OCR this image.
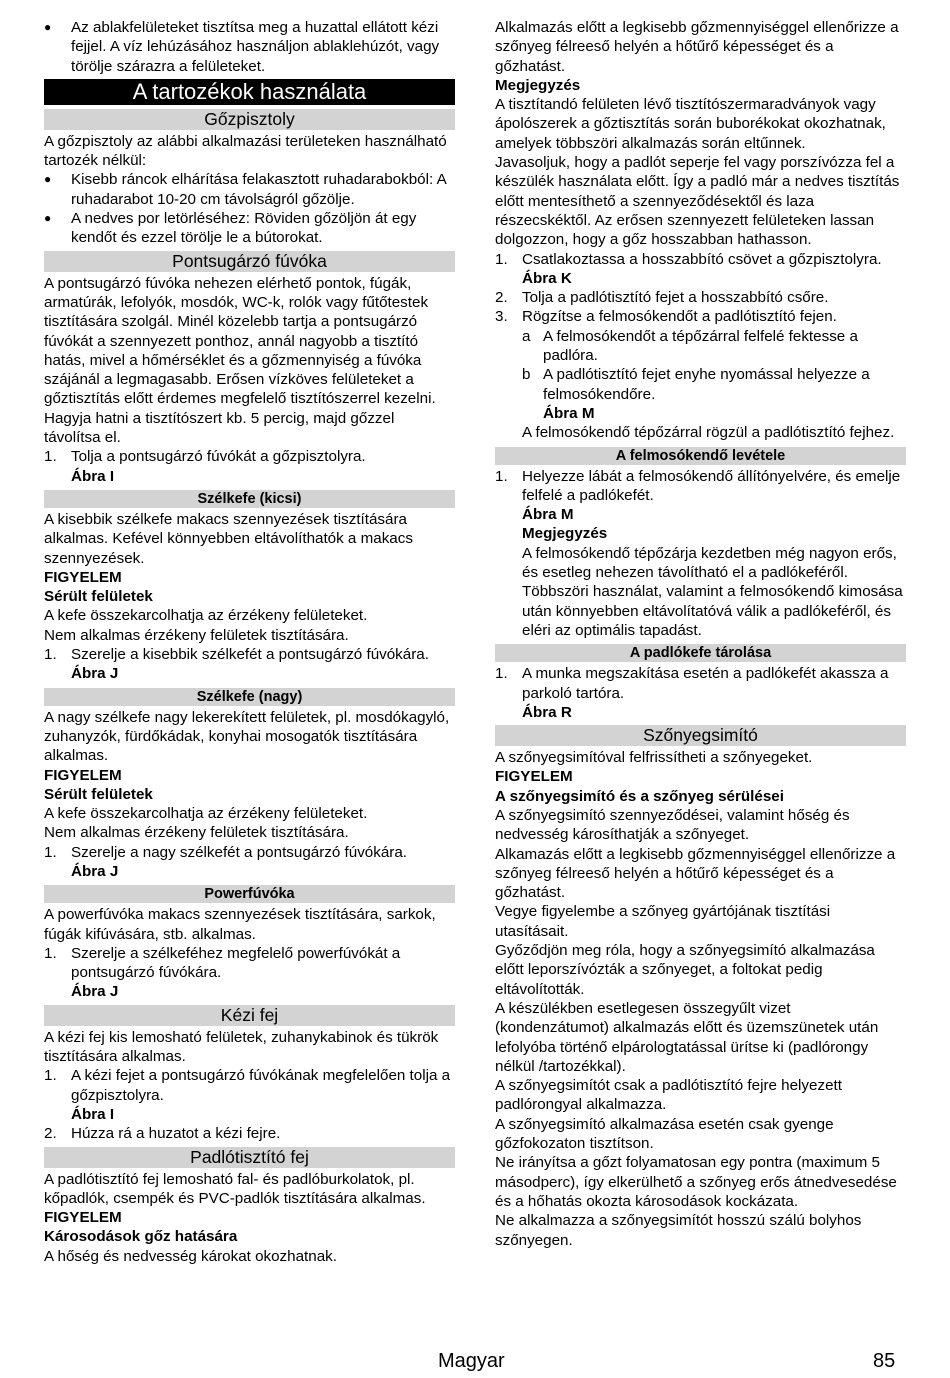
● Az ablakfelületeket tisztítsa meg a huzattal ellátott kézi fejjel. A víz lehúzásához használjon ablaklehúzót, vagy törölje szárazra a felületeket.
A tartozékok használata
Gőzpisztoly
A gőzpisztoly az alábbi alkalmazási területeken használható tartozék nélkül:
● Kisebb ráncok elhárítása felakasztott ruhadarabokból: A ruhadarabot 10-20 cm távolságról gőzölje.
● A nedves por letörléséhez: Röviden gőzöljön át egy kendőt és ezzel törölje le a bútorokat.
Pontsugárzó fúvóka
A pontsugárzó fúvóka nehezen elérhető pontok, fúgák, armatúrák, lefolyók, mosdók, WC-k, rolók vagy fűtőtestek tisztítására szolgál. Minél közelebb tartja a pontsugárzó fúvókát a szennyezett ponthoz, annál nagyobb a tisztító hatás, mivel a hőmérséklet és a gőzmennyiség a fúvóka szájánál a legmagasabb. Erősen vízköves felületeket a gőztisztítás előtt érdemes megfelelő tisztítószerrel kezelni. Hagyja hatni a tisztítószert kb. 5 percig, majd gőzzel távolítsa el.
1. Tolja a pontsugárzó fúvókát a gőzpisztolyra.
Ábra I
Szélkefe (kicsi)
A kisebbik szélkefe makacs szennyezések tisztítására alkalmas. Kefével könnyebben eltávolíthatók a makacs szennyezések.
FIGYELEM
Sérült felületek
A kefe összekarcolhatja az érzékeny felületeket.
Nem alkalmas érzékeny felületek tisztítására.
1. Szerelje a kisebbik szélkefét a pontsugárzó fúvókára.
Ábra J
Szélkefe (nagy)
A nagy szélkefe nagy lekerekített felületek, pl. mosdókagyló, zuhanyzók, fürdőkádak, konyhai mosogatók tisztítására alkalmas.
FIGYELEM
Sérült felületek
A kefe összekarcolhatja az érzékeny felületeket.
Nem alkalmas érzékeny felületek tisztítására.
1. Szerelje a nagy szélkefét a pontsugárzó fúvókára.
Ábra J
Powerfúvóka
A powerfúvóka makacs szennyezések tisztítására, sarkok, fúgák kifúvására, stb. alkalmas.
1. Szerelje a szélkeféhez megfelelő powerfúvókát a pontsugárzó fúvókára.
Ábra J
Kézi fej
A kézi fej kis lemosható felületek, zuhanykabinok és tükrök tisztítására alkalmas.
1. A kézi fejet a pontsugárzó fúvókának megfelelően tolja a gőzpisztolyra.
Ábra I
2. Húzza rá a huzatot a kézi fejre.
Padlótisztító fej
A padlótisztító fej lemosható fal- és padlóburkolatok, pl. kőpadlók, csempék és PVC-padlók tisztítására alkalmas.
FIGYELEM
Károsodások gőz hatására
A hőség és nedvesség károkat okozhatnak.
Alkalmazás előtt a legkisebb gőzmennyiséggel ellenőrizze a szőnyeg félreeső helyén a hőtűrő képességet és a gőzhatást.
Megjegyzés
A tisztítandó felületen lévő tisztítószermaradványok vagy ápolószerek a gőztisztítás során buborékokat okozhatnak, amelyek többszöri alkalmazás során eltűnnek.
Javasoljuk, hogy a padlót seperje fel vagy porszívózza fel a készülék használata előtt. Így a padló már a nedves tisztítás előtt mentesíthető a szennyeződésektől és laza részecskéktől. Az erősen szennyezett felületeken lassan dolgozzon, hogy a gőz hosszabban hathasson.
1. Csatlakoztassa a hosszabbító csövet a gőzpisztolyra.
Ábra K
2. Tolja a padlótisztító fejet a hosszabbító csőre.
3. Rögzítse a felmosókendőt a padlótisztító fejen.
a A felmosókendőt a tépőzárral felfelé fektesse a padlóra.
b A padlótisztító fejet enyhe nyomással helyezze a felmosókendőre.
Ábra M
A felmosókendő tépőzárral rögzül a padlótisztító fejhez.
A felmosókendő levétele
1. Helyezze lábát a felmosókendő állítónyelvére, és emelje felfelé a padlókefét.
Ábra M
Megjegyzés
A felmosókendő tépőzárja kezdetben még nagyon erős, és esetleg nehezen távolítható el a padlókeféről. Többszöri használat, valamint a felmosókendő kimosása után könnyebben eltávolítatóvá válik a padlókeféről, és eléri az optimális tapadást.
A padlókefe tárolása
1. A munka megszakítása esetén a padlókefét akassza a parkoló tartóra.
Ábra R
Szőnyegsimító
A szőnyegsimítóval felfrissítheti a szőnyegeket.
FIGYELEM
A szőnyegsimító és a szőnyeg sérülései
A szőnyegsimító szennyeződései, valamint hőség és nedvesség károsíthatják a szőnyeget.
Alkamazás előtt a legkisebb gőzmennyiséggel ellenőrizze a szőnyeg félreeső helyén a hőtűrő képességet és a gőzhatást.
Vegye figyelembe a szőnyeg gyártójának tisztítási utasításait.
Győződjön meg róla, hogy a szőnyegsimító alkalmazása előtt leporszívózták a szőnyeget, a foltokat pedig eltávolították.
A készülékben esetlegesen összegyűlt vizet (kondenzátumot) alkalmazás előtt és üzemszünetek után lefolyóba történő elpárologtatással ürítse ki (padlórongy nélkül /tartozékkal).
A szőnyegsimítót csak a padlótisztító fejre helyezett padlórongyal alkalmazza.
A szőnyegsimító alkalmazása esetén csak gyenge gőzfokozaton tisztítson.
Ne irányítsa a gőzt folyamatosan egy pontra (maximum 5 másodperc), így elkerülhető a szőnyeg erős átnedvesedése és a hőhatás okozta károsodások kockázata.
Ne alkalmazza a szőnyegsimítót hosszú szálú bolyhos szőnyegen.
Magyar	85
